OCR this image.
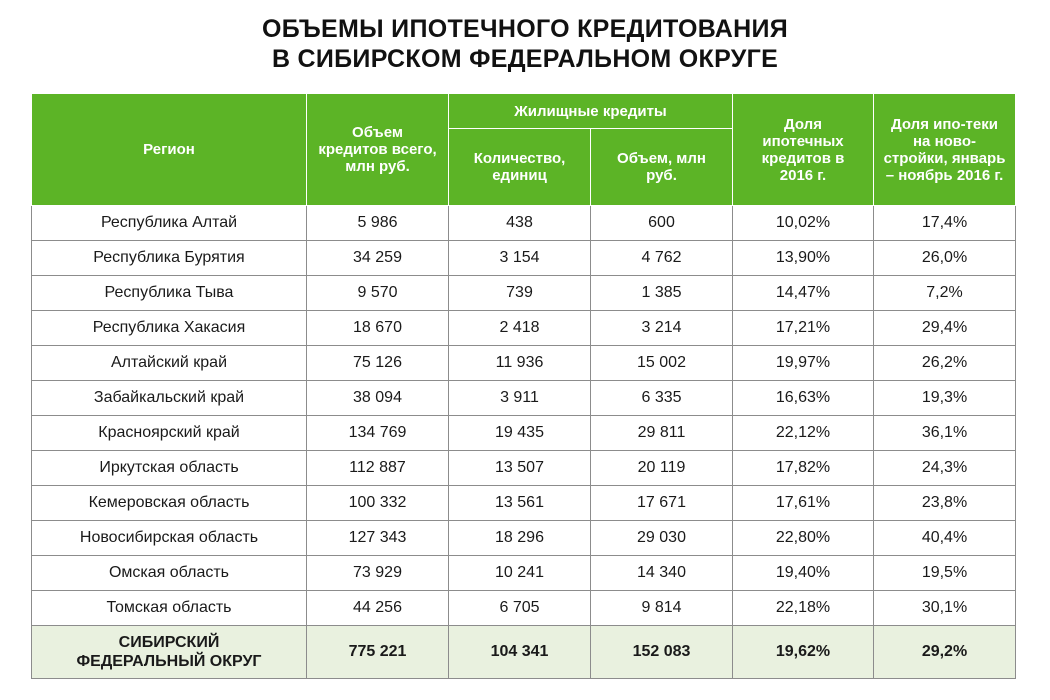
ОБЪЕМЫ ИПОТЕЧНОГО КРЕДИТОВАНИЯ
В СИБИРСКОМ ФЕДЕРАЛЬНОМ ОКРУГЕ
Регион	Объем кредитов всего, млн руб.	Жилищные кредиты		Доля ипотечных кредитов в 2016 г.	Доля ипо-теки на ново-стройки, январь – ноябрь 2016 г.
		Количество, единиц	Объем, млн руб.		
Республика Алтай	5 986	438	600	10,02%	17,4%
Республика Бурятия	34 259	3 154	4 762	13,90%	26,0%
Республика Тыва	9 570	739	1 385	14,47%	7,2%
Республика Хакасия	18 670	2 418	3 214	17,21%	29,4%
Алтайский край	75 126	11 936	15 002	19,97%	26,2%
Забайкальский край	38 094	3 911	6 335	16,63%	19,3%
Красноярский край	134 769	19 435	29 811	22,12%	36,1%
Иркутская область	112 887	13 507	20 119	17,82%	24,3%
Кемеровская область	100 332	13 561	17 671	17,61%	23,8%
Новосибирская область	127 343	18 296	29 030	22,80%	40,4%
Омская область	73 929	10 241	14 340	19,40%	19,5%
Томская область	44 256	6 705	9 814	22,18%	30,1%

СИБИРСКИЙ
ФЕДЕРАЛЬНЫЙ ОКРУГ	775 221	104 341	152 083	19,62%	29,2%
